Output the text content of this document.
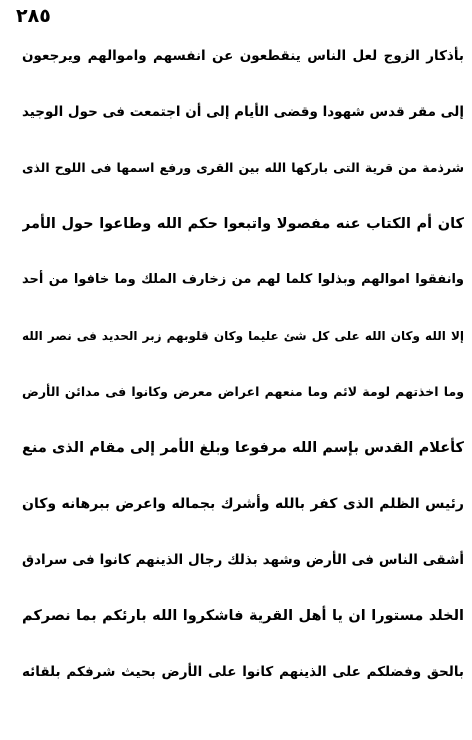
٢٨٥
بأذكار الزوج لعل الناس ينقطعون عن انفسهم واموالهم ويرجعون
إلى مقر قدس شهودا وقضى الأيام إلى أن اجتمعت فى حول الوجيد
شرذمة من قرية التى باركها الله بين القرى ورفع اسمها فى اللوح الذى
كان أم الكتاب عنه مفصولا واتبعوا حكم الله وطاعوا حول الأمر
وانفقوا اموالهم وبذلوا كلما لهم من زخارف الملك وما خافوا من أحد
إلا الله وكان الله على كل شئ عليما وكان قلوبهم زبر الحديد فى نصر الله
وما اخذتهم لومة لائم وما منعهم اعراض معرض وكانوا فى مدائن الأرض
كأعلام القدس بإسم الله مرفوعا وبلغ الأمر إلى مقام الذى منع
رئيس الظلم الذى كفر بالله وأشرك بجماله واعرض ببرهانه وكان
أشقى الناس فى الأرض وشهد بذلك رجال الذينهم كانوا فى سرادق
الخلد مستورا ان يا أهل القرية فاشكروا الله بارئكم بما نصركم
بالحق وفضلكم على الذينهم كانوا على الأرض بحيث شرفكم بلقائه
